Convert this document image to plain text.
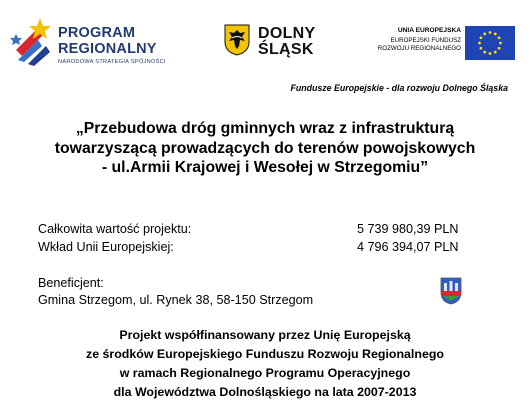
PROGRAM
REGIONALNY
NARODOWA STRATEGIA SPÓJNOŚCI
DOLNY
ŚLĄSK
UNIA EUROPEJSKA
EUROPEJSKI FUNDUSZ
ROZWOJU REGIONALNEGO
Fundusze Europejskie - dla rozwoju Dolnego Śląska
„Przebudowa dróg gminnych wraz z infrastrukturą
towarzyszącą prowadzących do terenów powojskowych
- ul.Armii Krajowej i Wesołej w Strzegomiu”
Całkowita wartość projektu:	5 739 980,39 PLN
Wkład Unii Europejskiej:	4 796 394,07 PLN
Beneficjent:
Gmina Strzegom, ul. Rynek 38, 58-150 Strzegom
Projekt współfinansowany przez Unię Europejską
ze środków Europejskiego Funduszu Rozwoju Regionalnego
w ramach Regionalnego Programu Operacyjnego
dla Województwa Dolnośląskiego na lata 2007-2013
